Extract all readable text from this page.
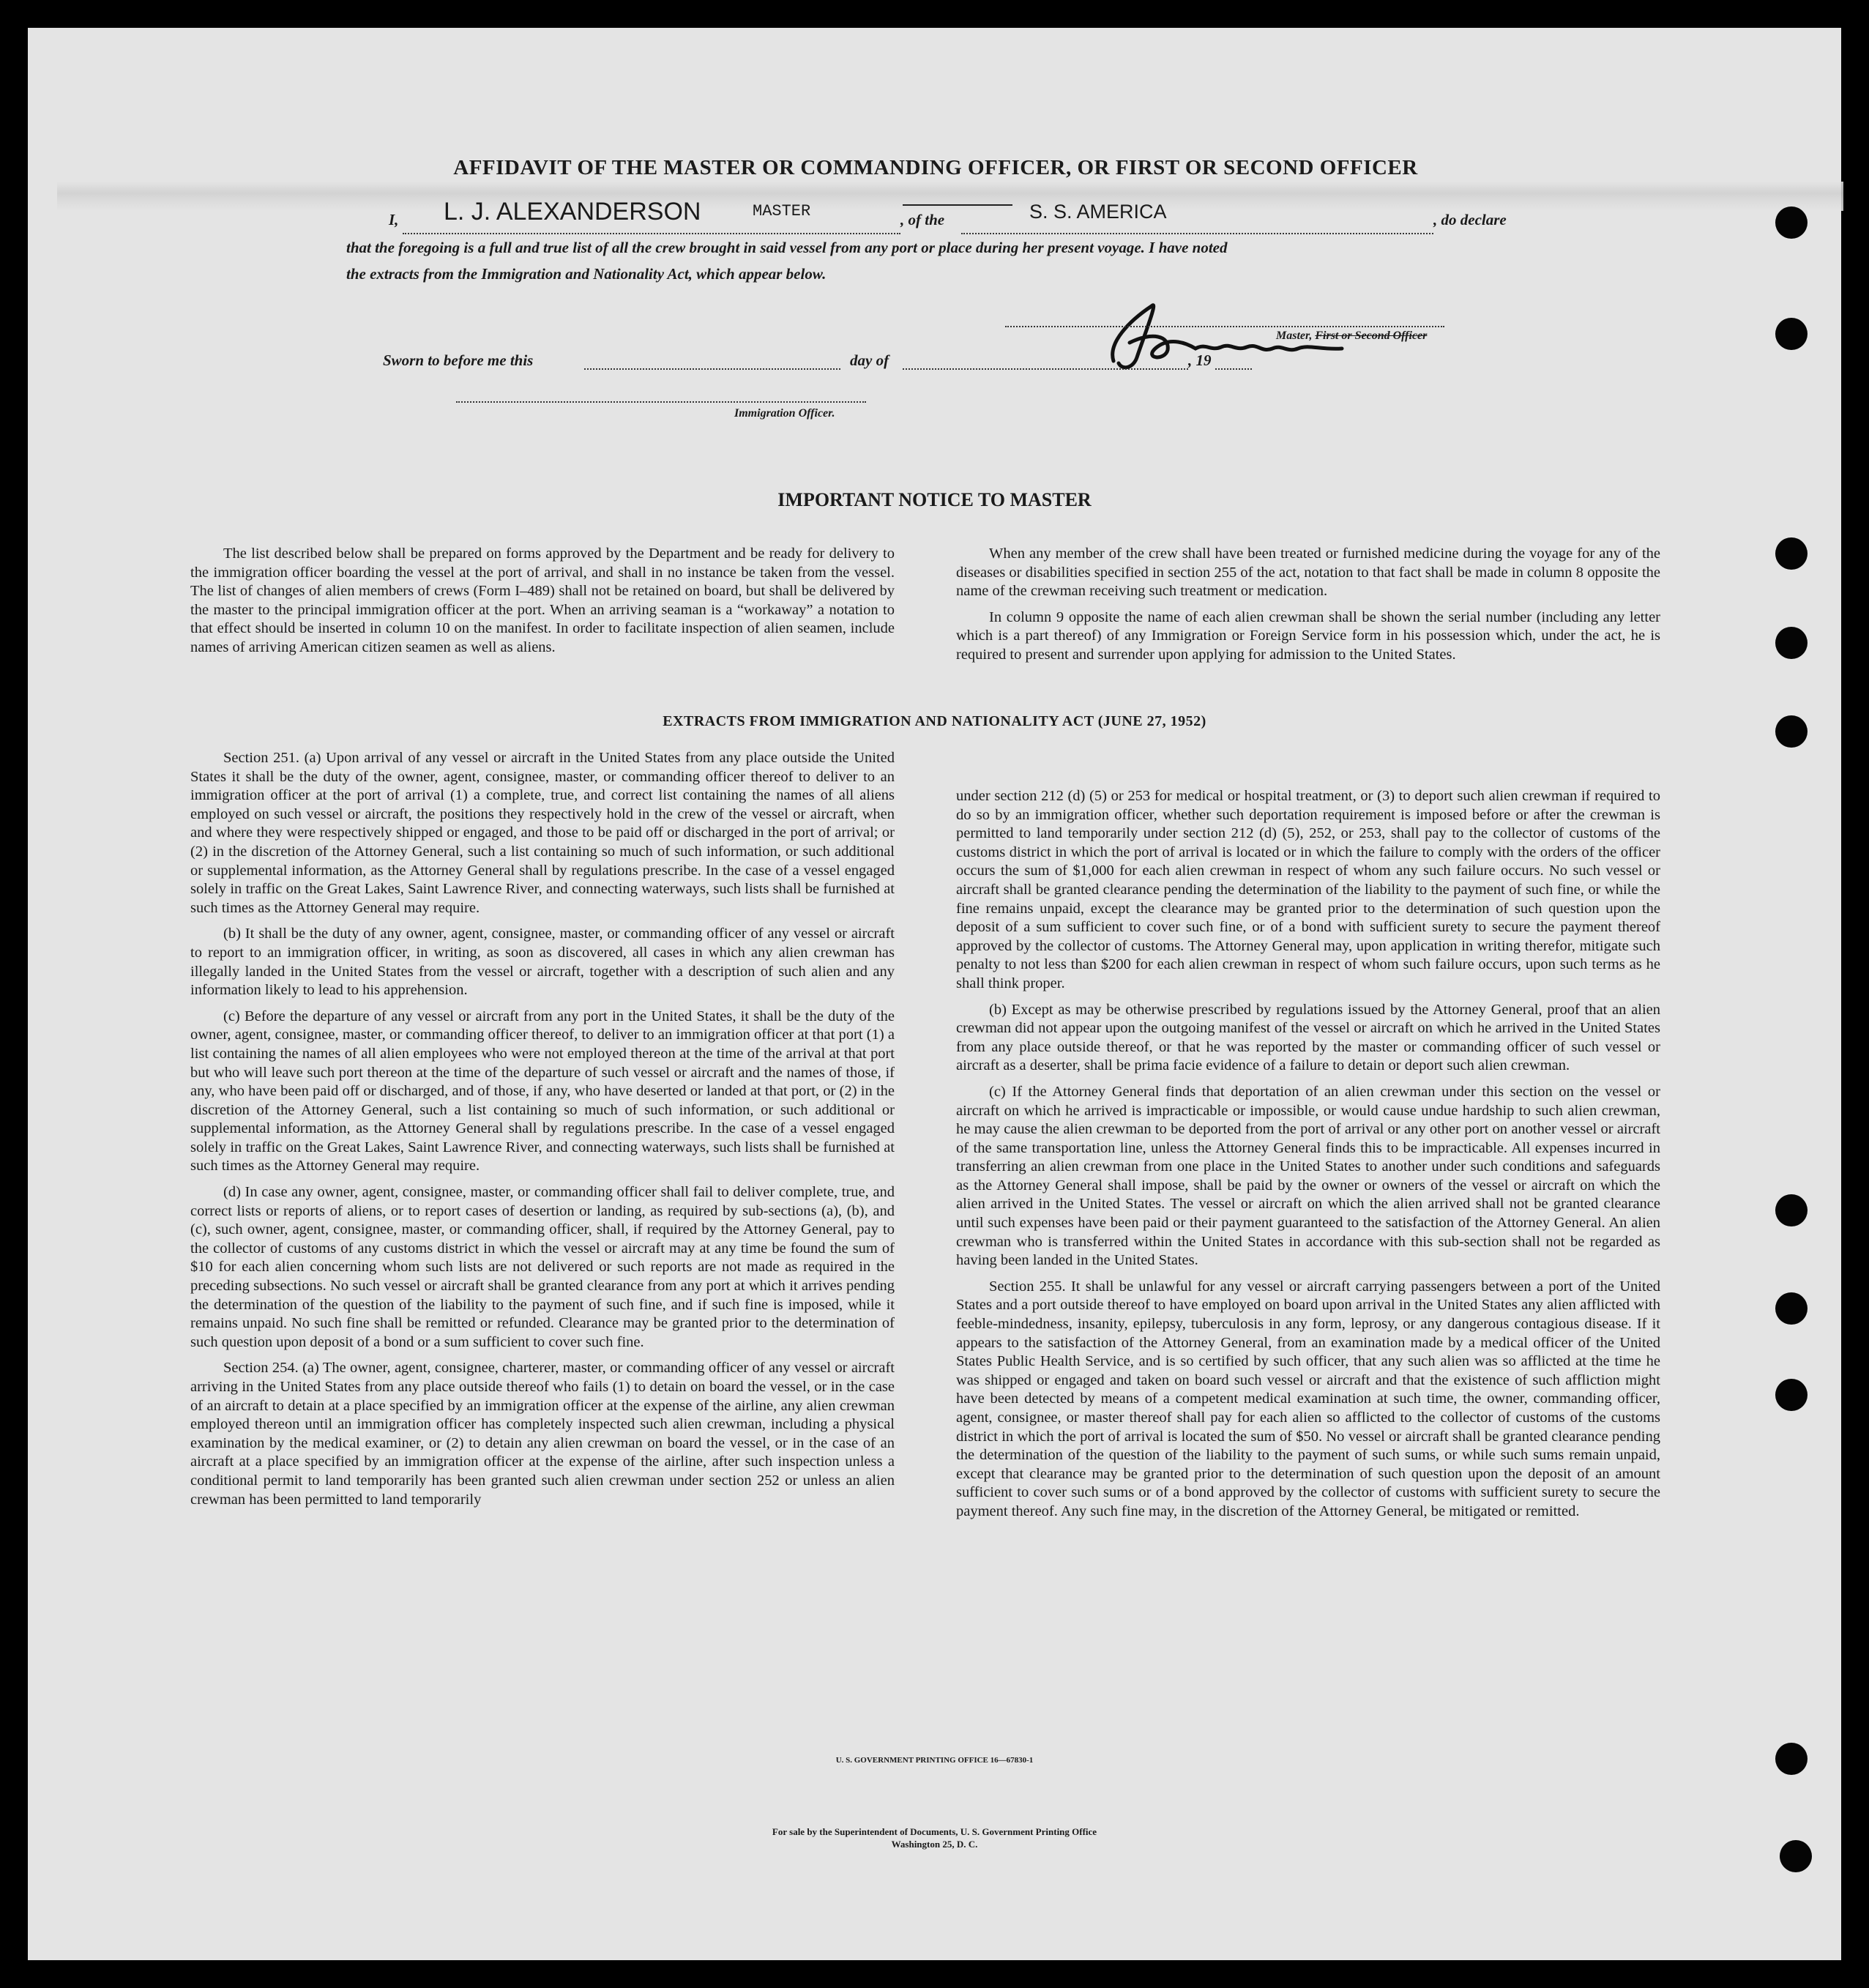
AFFIDAVIT OF THE MASTER OR COMMANDING OFFICER, OR FIRST OR SECOND OFFICER
I, L. J. ALEXANDERSON	MASTER	, of the	S. S. AMERICA	, do declare
that the foregoing is a full and true list of all the crew brought in said vessel from any port or place during her present voyage. I have noted
the extracts from the Immigration and Nationality Act, which appear below.
Master, First or Second Officer
Sworn to before me this	day of	, 19
Immigration Officer.
IMPORTANT NOTICE TO MASTER

The list described below shall be prepared on forms approved by the Department and be ready for delivery to the immigration officer boarding the vessel at the port of arrival, and shall in no instance be taken from the vessel. The list of changes of alien members of crews (Form I–489) shall not be retained on board, but shall be delivered by the master to the principal immigration officer at the port. When an arriving seaman is a “workaway” a notation to that effect should be inserted in column 10 on the manifest. In order to facilitate inspection of alien seamen, include names of arriving American citizen seamen as well as aliens.

When any member of the crew shall have been treated or furnished medicine during the voyage for any of the diseases or disabilities specified in section 255 of the act, notation to that fact shall be made in column 8 opposite the name of the crewman receiving such treatment or medication.

In column 9 opposite the name of each alien crewman shall be shown the serial number (including any letter which is a part thereof) of any Immigration or Foreign Service form in his possession which, under the act, he is required to present and surrender upon applying for admission to the United States.

EXTRACTS FROM IMMIGRATION AND NATIONALITY ACT (JUNE 27, 1952)

Section 251. (a) Upon arrival of any vessel or aircraft in the United States from any place outside the United States it shall be the duty of the owner, agent, consignee, master, or commanding officer thereof to deliver to an immigration officer at the port of arrival (1) a complete, true, and correct list containing the names of all aliens employed on such vessel or aircraft, the positions they respectively hold in the crew of the vessel or aircraft, when and where they were respectively shipped or engaged, and those to be paid off or discharged in the port of arrival; or (2) in the discretion of the Attorney General, such a list containing so much of such information, or such additional or supplemental information, as the Attorney General shall by regulations prescribe. In the case of a vessel engaged solely in traffic on the Great Lakes, Saint Lawrence River, and connecting waterways, such lists shall be furnished at such times as the Attorney General may require.

(b) It shall be the duty of any owner, agent, consignee, master, or commanding officer of any vessel or aircraft to report to an immigration officer, in writing, as soon as discovered, all cases in which any alien crewman has illegally landed in the United States from the vessel or aircraft, together with a description of such alien and any information likely to lead to his apprehension.

(c) Before the departure of any vessel or aircraft from any port in the United States, it shall be the duty of the owner, agent, consignee, master, or commanding officer thereof, to deliver to an immigration officer at that port (1) a list containing the names of all alien employees who were not employed thereon at the time of the arrival at that port but who will leave such port thereon at the time of the departure of such vessel or aircraft and the names of those, if any, who have been paid off or discharged, and of those, if any, who have deserted or landed at that port, or (2) in the discretion of the Attorney General, such a list containing so much of such information, or such additional or supplemental information, as the Attorney General shall by regulations prescribe. In the case of a vessel engaged solely in traffic on the Great Lakes, Saint Lawrence River, and connecting waterways, such lists shall be furnished at such times as the Attorney General may require.

(d) In case any owner, agent, consignee, master, or commanding officer shall fail to deliver complete, true, and correct lists or reports of aliens, or to report cases of desertion or landing, as required by sub-sections (a), (b), and (c), such owner, agent, consignee, master, or commanding officer, shall, if required by the Attorney General, pay to the collector of customs of any customs district in which the vessel or aircraft may at any time be found the sum of $10 for each alien concerning whom such lists are not delivered or such reports are not made as required in the preceding subsections. No such vessel or aircraft shall be granted clearance from any port at which it arrives pending the determination of the question of the liability to the payment of such fine, and if such fine is imposed, while it remains unpaid. No such fine shall be remitted or refunded. Clearance may be granted prior to the determination of such question upon deposit of a bond or a sum sufficient to cover such fine.

Section 254. (a) The owner, agent, consignee, charterer, master, or commanding officer of any vessel or aircraft arriving in the United States from any place outside thereof who fails (1) to detain on board the vessel, or in the case of an aircraft to detain at a place specified by an immigration officer at the expense of the airline, any alien crewman employed thereon until an immigration officer has completely inspected such alien crewman, including a physical examination by the medical examiner, or (2) to detain any alien crewman on board the vessel, or in the case of an aircraft at a place specified by an immigration officer at the expense of the airline, after such inspection unless a conditional permit to land temporarily has been granted such alien crewman under section 252 or unless an alien crewman has been permitted to land temporarily

under section 212 (d) (5) or 253 for medical or hospital treatment, or (3) to deport such alien crewman if required to do so by an immigration officer, whether such deportation requirement is imposed before or after the crewman is permitted to land temporarily under section 212 (d) (5), 252, or 253, shall pay to the collector of customs of the customs district in which the port of arrival is located or in which the failure to comply with the orders of the officer occurs the sum of $1,000 for each alien crewman in respect of whom any such failure occurs. No such vessel or aircraft shall be granted clearance pending the determination of the liability to the payment of such fine, or while the fine remains unpaid, except the clearance may be granted prior to the determination of such question upon the deposit of a sum sufficient to cover such fine, or of a bond with sufficient surety to secure the payment thereof approved by the collector of customs. The Attorney General may, upon application in writing therefor, mitigate such penalty to not less than $200 for each alien crewman in respect of whom such failure occurs, upon such terms as he shall think proper.

(b) Except as may be otherwise prescribed by regulations issued by the Attorney General, proof that an alien crewman did not appear upon the outgoing manifest of the vessel or aircraft on which he arrived in the United States from any place outside thereof, or that he was reported by the master or commanding officer of such vessel or aircraft as a deserter, shall be prima facie evidence of a failure to detain or deport such alien crewman.

(c) If the Attorney General finds that deportation of an alien crewman under this section on the vessel or aircraft on which he arrived is impracticable or impossible, or would cause undue hardship to such alien crewman, he may cause the alien crewman to be deported from the port of arrival or any other port on another vessel or aircraft of the same transportation line, unless the Attorney General finds this to be impracticable. All expenses incurred in transferring an alien crewman from one place in the United States to another under such conditions and safeguards as the Attorney General shall impose, shall be paid by the owner or owners of the vessel or aircraft on which the alien arrived in the United States. The vessel or aircraft on which the alien arrived shall not be granted clearance until such expenses have been paid or their payment guaranteed to the satisfaction of the Attorney General. An alien crewman who is transferred within the United States in accordance with this sub-section shall not be regarded as having been landed in the United States.

Section 255. It shall be unlawful for any vessel or aircraft carrying passengers between a port of the United States and a port outside thereof to have employed on board upon arrival in the United States any alien afflicted with feeble-mindedness, insanity, epilepsy, tuberculosis in any form, leprosy, or any dangerous contagious disease. If it appears to the satisfaction of the Attorney General, from an examination made by a medical officer of the United States Public Health Service, and is so certified by such officer, that any such alien was so afflicted at the time he was shipped or engaged and taken on board such vessel or aircraft and that the existence of such affliction might have been detected by means of a competent medical examination at such time, the owner, commanding officer, agent, consignee, or master thereof shall pay for each alien so afflicted to the collector of customs of the customs district in which the port of arrival is located the sum of $50. No vessel or aircraft shall be granted clearance pending the determination of the question of the liability to the payment of such sums, or while such sums remain unpaid, except that clearance may be granted prior to the determination of such question upon the deposit of an amount sufficient to cover such sums or of a bond approved by the collector of customs with sufficient surety to secure the payment thereof. Any such fine may, in the discretion of the Attorney General, be mitigated or remitted.

U. S. GOVERNMENT PRINTING OFFICE 16—67830-1
For sale by the Superintendent of Documents, U. S. Government Printing Office
Washington 25, D. C.
